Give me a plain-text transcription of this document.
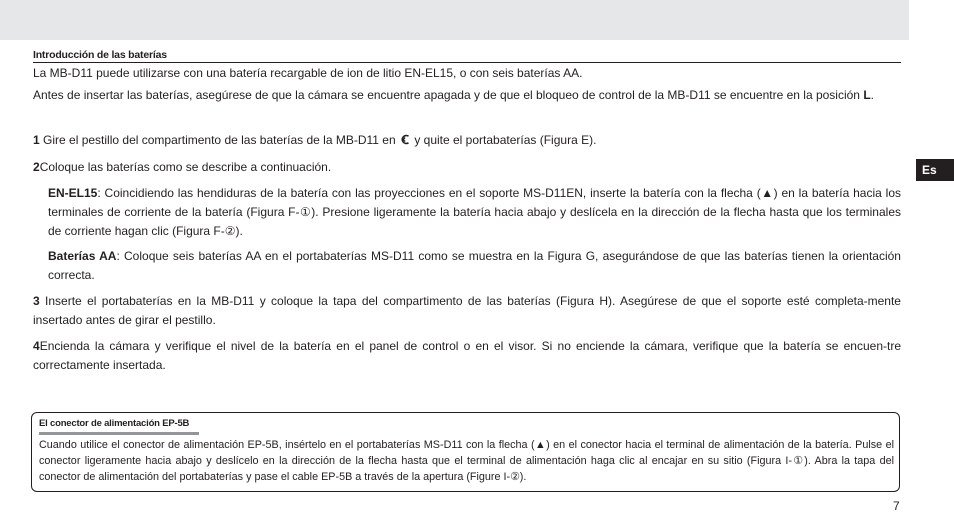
Introducción de las baterías
La MB-D11 puede utilizarse con una batería recargable de ion de litio EN-EL15, o con seis baterías AA.
Antes de insertar las baterías, asegúrese de que la cámara se encuentre apagada y de que el bloqueo de control de la MB-D11 se encuentre en la posición L.
1 Gire el pestillo del compartimento de las baterías de la MB-D11 en  y quite el portabaterías (Figura E).
2Coloque las baterías como se describe a continuación.
EN-EL15: Coincidiendo las hendiduras de la batería con las proyecciones en el soporte MS-D11EN, inserte la batería con la flecha (▲) en la batería hacia los terminales de corriente de la batería (Figura F-①). Presione ligeramente la batería hacia abajo y deslícela en la dirección de la flecha hasta que los terminales de corriente hagan clic (Figura F-②).
Baterías AA: Coloque seis baterías AA en el portabaterías MS-D11 como se muestra en la Figura G, asegurándose de que las baterías tienen la orientación correcta.
3 Inserte el portabaterías en la MB-D11 y coloque la tapa del compartimento de las baterías (Figura H). Asegúrese de que el soporte esté completa-mente insertado antes de girar el pestillo.
4Encienda la cámara y verifique el nivel de la batería en el panel de control o en el visor. Si no enciende la cámara, verifique que la batería se encuen-tre correctamente insertada.
Es
El conector de alimentación EP-5B
Cuando utilice el conector de alimentación EP-5B, insértelo en el portabaterías MS-D11 con la flecha (▲) en el conector hacia el terminal de alimentación de la batería. Pulse el conector ligeramente hacia abajo y deslícelo en la dirección de la flecha hasta que el terminal de alimentación haga clic al encajar en su sitio (Figura I-①). Abra la tapa del conector de alimentación del portabaterías y pase el cable EP-5B a través de la apertura (Figure I-②).
7
